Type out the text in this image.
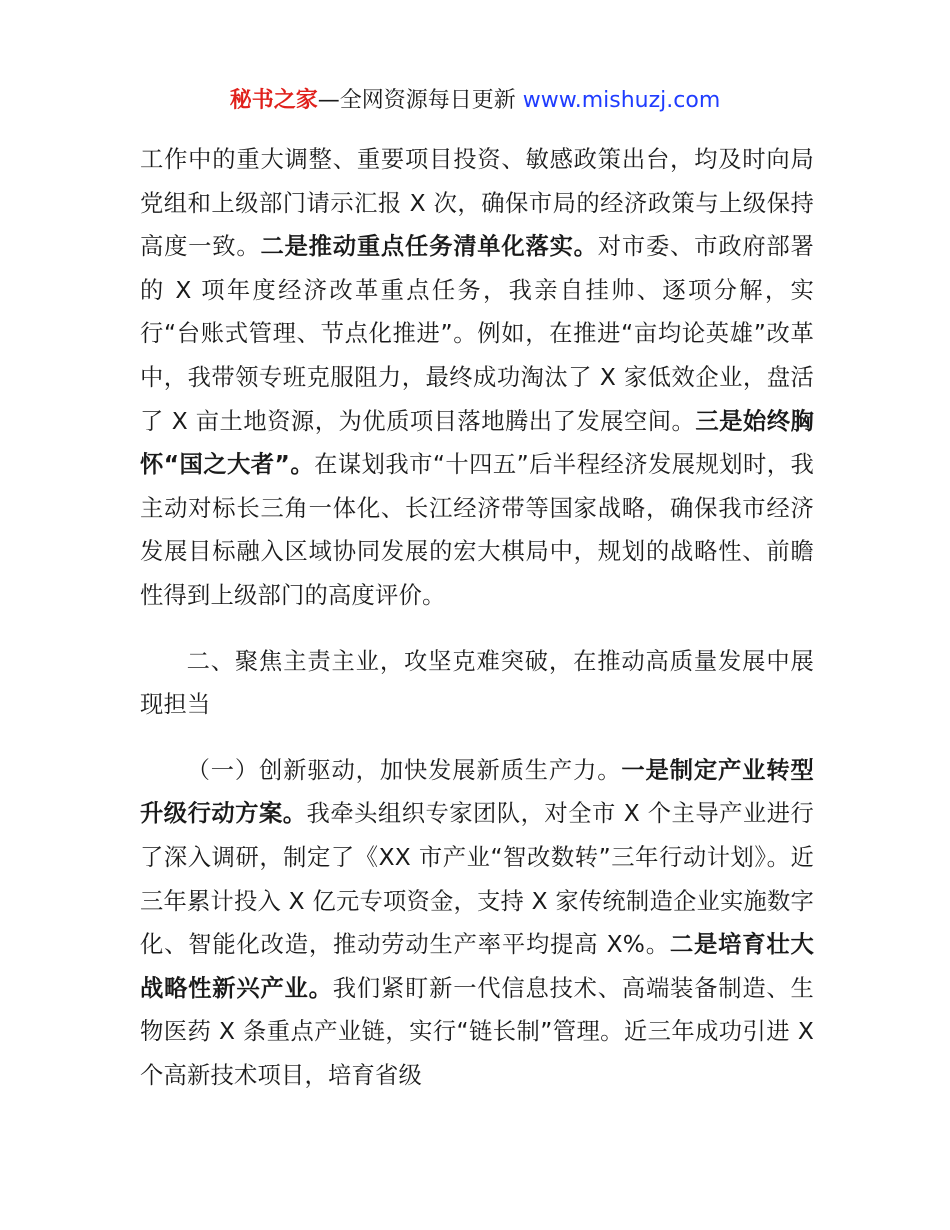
秘书之家—全网资源每日更新 www.mishuzj.com

工作中的重大调整、重要项目投资、敏感政策出台，均及时向局党组和上级部门请示汇报 X 次，确保市局的经济政策与上级保持高度一致。二是推动重点任务清单化落实。对市委、市政府部署的 X 项年度经济改革重点任务，我亲自挂帅、逐项分解，实行“台账式管理、节点化推进”。例如，在推进“亩均论英雄”改革中，我带领专班克服阻力，最终成功淘汰了 X 家低效企业，盘活了 X 亩土地资源，为优质项目落地腾出了发展空间。三是始终胸怀“国之大者”。在谋划我市“十四五”后半程经济发展规划时，我主动对标长三角一体化、长江经济带等国家战略，确保我市经济发展目标融入区域协同发展的宏大棋局中，规划的战略性、前瞻性得到上级部门的高度评价。

二、聚焦主责主业，攻坚克难突破，在推动高质量发展中展现担当

（一）创新驱动，加快发展新质生产力。一是制定产业转型升级行动方案。我牵头组织专家团队，对全市 X 个主导产业进行了深入调研，制定了《XX 市产业“智改数转”三年行动计划》。近三年累计投入 X 亿元专项资金，支持 X 家传统制造企业实施数字化、智能化改造，推动劳动生产率平均提高 X%。二是培育壮大战略性新兴产业。我们紧盯新一代信息技术、高端装备制造、生物医药 X 条重点产业链，实行“链长制”管理。近三年成功引进 X 个高新技术项目，培育省级
